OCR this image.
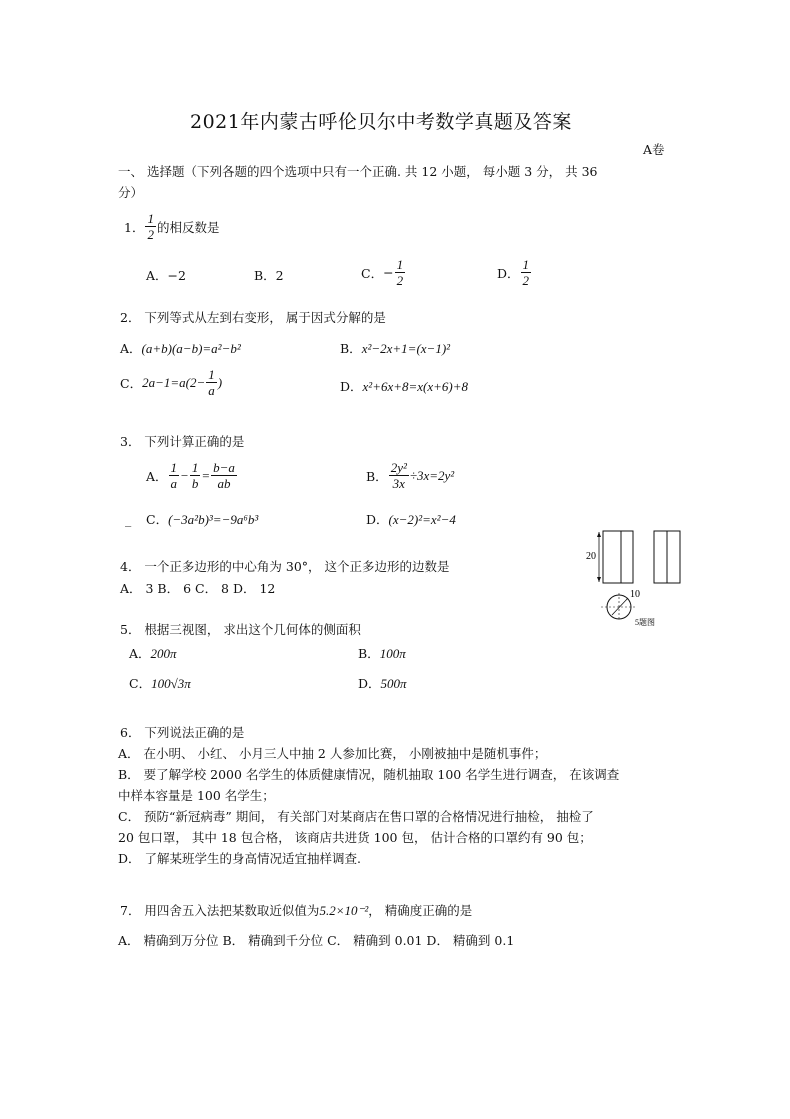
2021年内蒙古呼伦贝尔中考数学真题及答案
A卷
一、 选择题（下列各题的四个选项中只有一个正确. 共 12 小题， 每小题 3 分， 共 36
分）
1． $\frac{1}{2}$ 的相反数是
A．−2	B．2	C． − $\frac{1}{2}$	D． $\frac{1}{2}$
2． 下列等式从左到右变形， 属于因式分解的是
A．(a+b)(a−b)=a²−b²	B．x²−2x+1=(x−1)²
C． $2a-1=a(2- \frac{1}{a}$ )	D．x²+6x+8=x(x+6)+8
3． 下列计算正确的是
A． $\frac{1}{a} - \frac{1}{b} = \frac{b-a}{ab}$	B． $\frac{\text{2y²}}{3x} \div 3x=2y^2$
_ C．(−3a²b)³=−9a⁶b³	D．(x−2)²=x²−4
20
10
5题图
4． 一个正多边形的中心角为 30°， 这个正多边形的边数是
A． 3 B． 6 C． 8 D． 12
5． 根据三视图， 求出这个几何体的侧面积
A．200π	B．100π
C．100√3π	D．500π
6． 下列说法正确的是
A． 在小明、 小红、 小月三人中抽 2 人参加比赛， 小刚被抽中是随机事件；
B． 要了解学校 2000 名学生的体质健康情况，随机抽取 100 名学生进行调查， 在该调查
中样本容量是 100 名学生；
C． 预防“新冠病毒” 期间， 有关部门对某商店在售口罩的合格情况进行抽检， 抽检了
20 包口罩， 其中 18 包合格， 该商店共进货 100 包， 估计合格的口罩约有 90 包；
D． 了解某班学生的身高情况适宜抽样调查.
7． 用四舍五入法把某数取近似值为5.2×10⁻²， 精确度正确的是
A． 精确到万分位 B． 精确到千分位 C． 精确到 0.01 D． 精确到 0.1
